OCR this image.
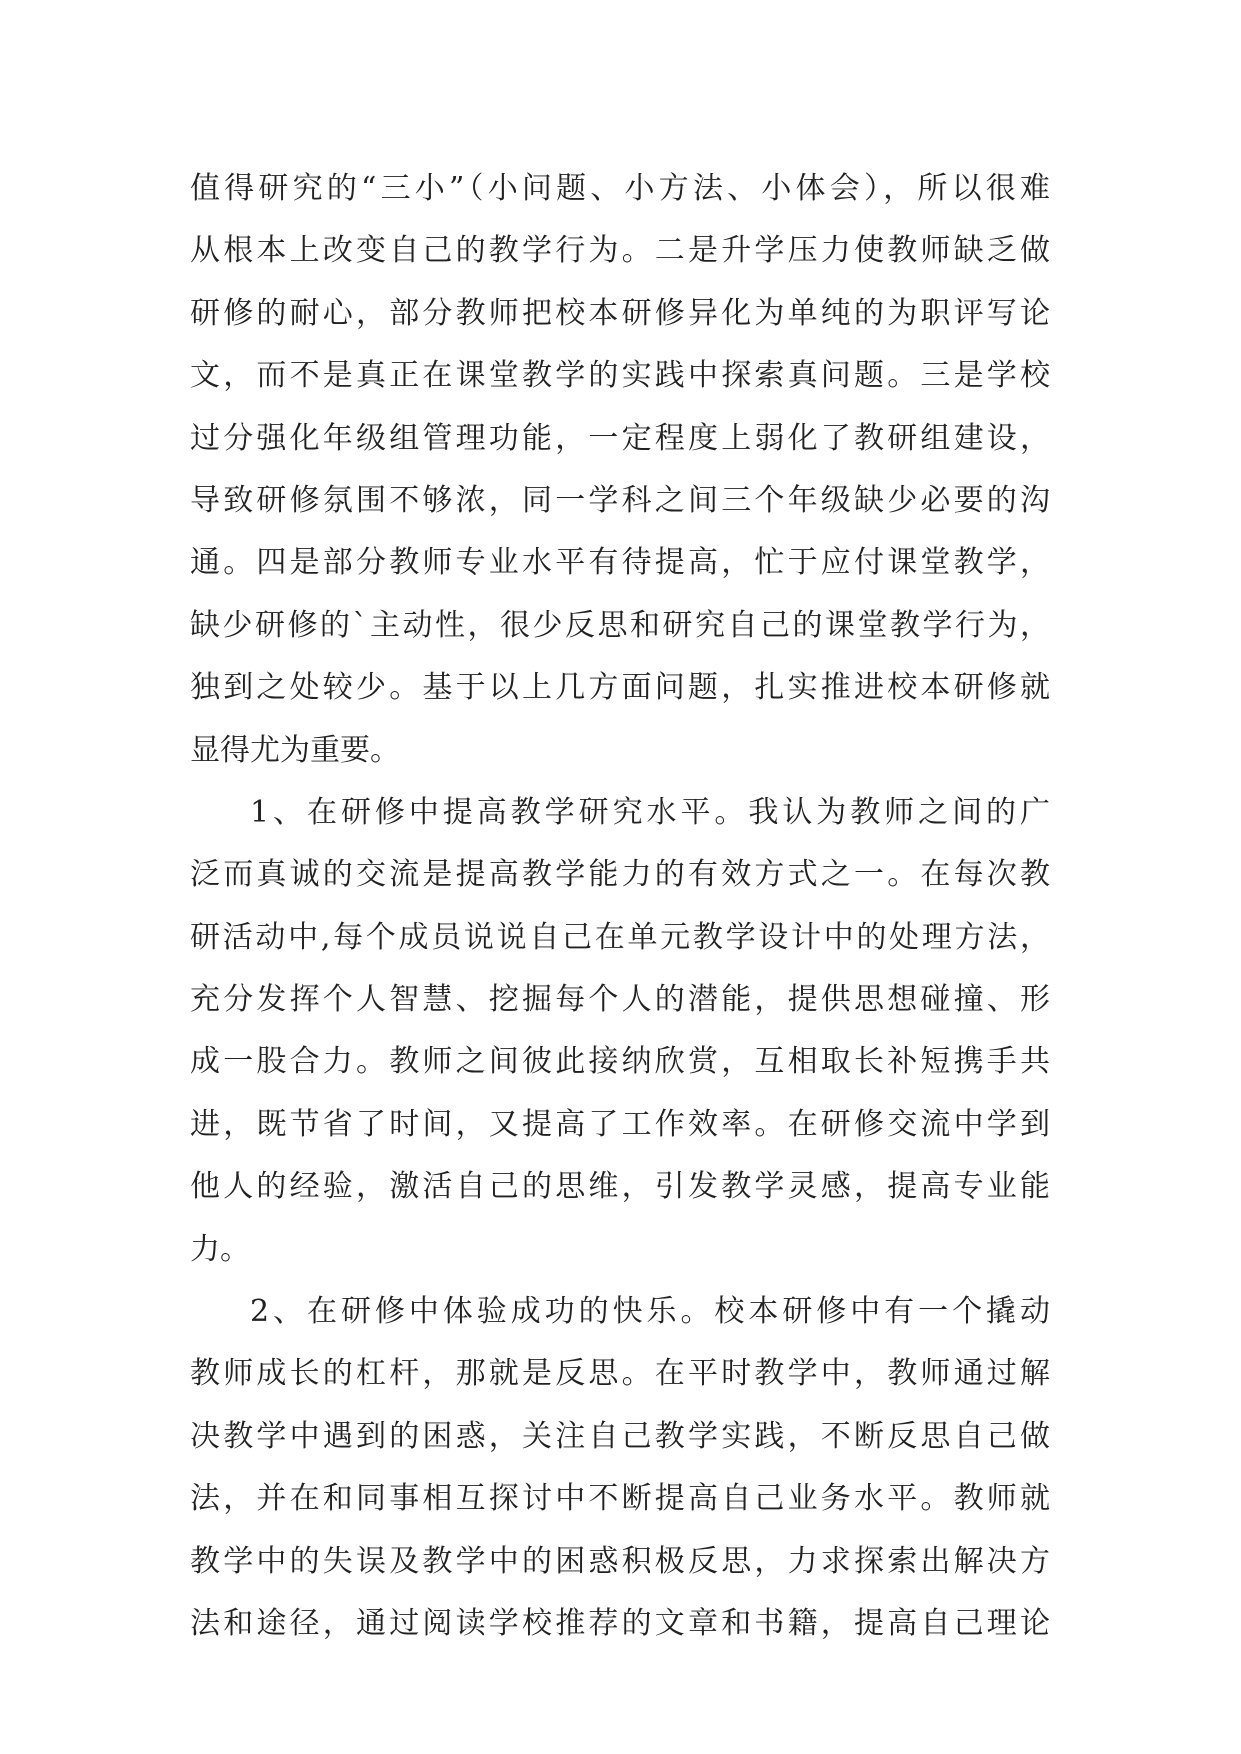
值得研究的“三小”（小问题、小方法、小体会），所以很难
从根本上改变自己的教学行为。二是升学压力使教师缺乏做
研修的耐心，部分教师把校本研修异化为单纯的为职评写论
文，而不是真正在课堂教学的实践中探索真问题。三是学校
过分强化年级组管理功能，一定程度上弱化了教研组建设，
导致研修氛围不够浓，同一学科之间三个年级缺少必要的沟
通。四是部分教师专业水平有待提高，忙于应付课堂教学，
缺少研修的`主动性，很少反思和研究自己的课堂教学行为，
独到之处较少。基于以上几方面问题，扎实推进校本研修就
显得尤为重要。
1、在研修中提高教学研究水平。我认为教师之间的广
泛而真诚的交流是提高教学能力的有效方式之一。在每次教
研活动中,每个成员说说自己在单元教学设计中的处理方法，
充分发挥个人智慧、挖掘每个人的潜能，提供思想碰撞、形
成一股合力。教师之间彼此接纳欣赏，互相取长补短携手共
进，既节省了时间，又提高了工作效率。在研修交流中学到
他人的经验，激活自己的思维，引发教学灵感，提高专业能
力。
2、在研修中体验成功的快乐。校本研修中有一个撬动
教师成长的杠杆，那就是反思。在平时教学中，教师通过解
决教学中遇到的困惑，关注自己教学实践，不断反思自己做
法，并在和同事相互探讨中不断提高自己业务水平。教师就
教学中的失误及教学中的困惑积极反思，力求探索出解决方
法和途径，通过阅读学校推荐的文章和书籍，提高自己理论
